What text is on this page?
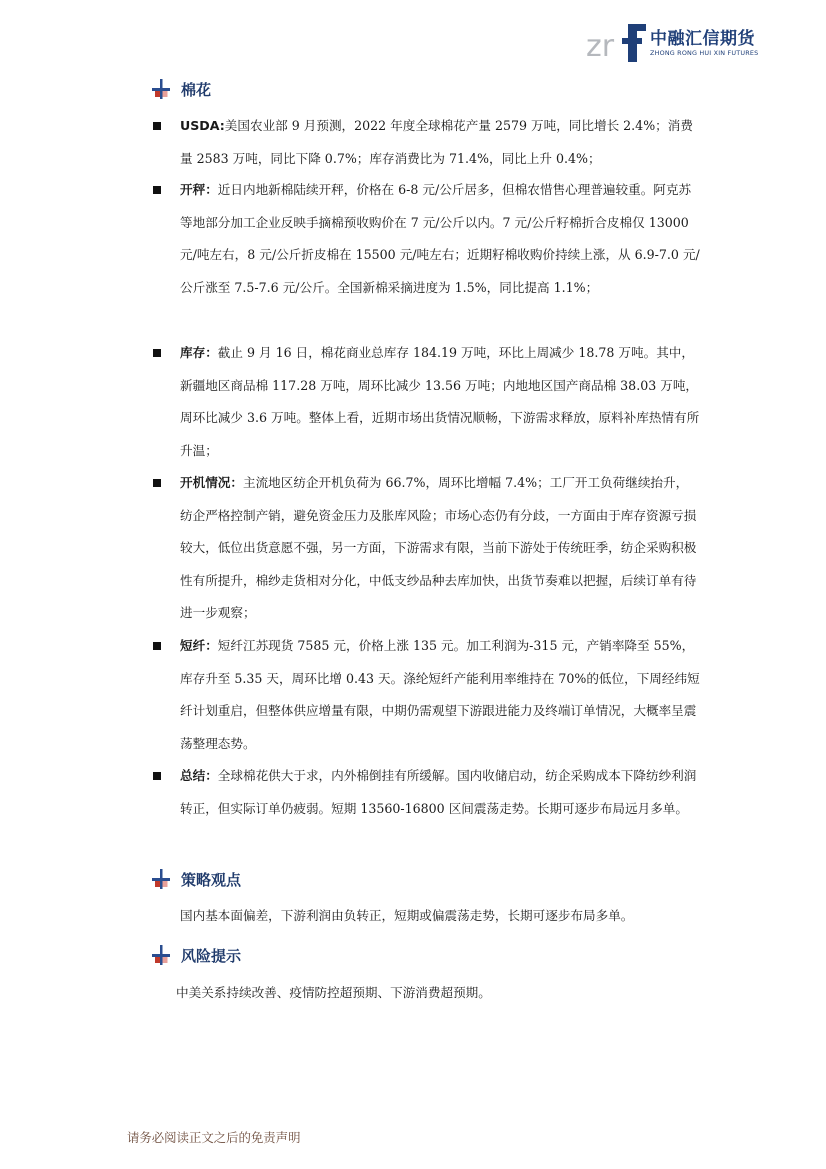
zr 中融汇信期货
ZHONG RONG HUI XIN FUTURES
棉花
USDA:美国农业部 9 月预测，2022 年度全球棉花产量 2579 万吨，同比增长 2.4%；消费量 2583 万吨，同比下降 0.7%；库存消费比为 71.4%，同比上升 0.4%；
开秤：近日内地新棉陆续开秤，价格在 6-8 元/公斤居多，但棉农惜售心理普遍较重。阿克苏等地部分加工企业反映手摘棉预收购价在 7 元/公斤以内。7 元/公斤籽棉折合皮棉仅 13000 元/吨左右，8 元/公斤折皮棉在 15500 元/吨左右；近期籽棉收购价持续上涨，从 6.9-7.0 元/公斤涨至 7.5-7.6 元/公斤。全国新棉采摘进度为 1.5%，同比提高 1.1%；
库存：截止 9 月 16 日，棉花商业总库存 184.19 万吨，环比上周减少 18.78 万吨。其中，新疆地区商品棉 117.28 万吨，周环比减少 13.56 万吨；内地地区国产商品棉 38.03 万吨，周环比减少 3.6 万吨。整体上看，近期市场出货情况顺畅，下游需求释放，原料补库热情有所升温；
开机情况：主流地区纺企开机负荷为 66.7%，周环比增幅 7.4%；工厂开工负荷继续抬升，纺企严格控制产销，避免资金压力及胀库风险；市场心态仍有分歧，一方面由于库存资源亏损较大，低位出货意愿不强，另一方面，下游需求有限，当前下游处于传统旺季，纺企采购积极性有所提升，棉纱走货相对分化，中低支纱品种去库加快，出货节奏难以把握，后续订单有待进一步观察；
短纤：短纤江苏现货 7585 元，价格上涨 135 元。加工利润为-315 元，产销率降至 55%，库存升至 5.35 天，周环比增 0.43 天。涤纶短纤产能利用率维持在 70%的低位，下周经纬短纤计划重启，但整体供应增量有限，中期仍需观望下游跟进能力及终端订单情况，大概率呈震荡整理态势。
总结：全球棉花供大于求，内外棉倒挂有所缓解。国内收储启动，纺企采购成本下降纺纱利润转正，但实际订单仍疲弱。短期 13560-16800 区间震荡走势。长期可逐步布局远月多单。
策略观点
国内基本面偏差，下游利润由负转正，短期或偏震荡走势，长期可逐步布局多单。
风险提示
中美关系持续改善、疫情防控超预期、下游消费超预期。
请务必阅读正文之后的免责声明
